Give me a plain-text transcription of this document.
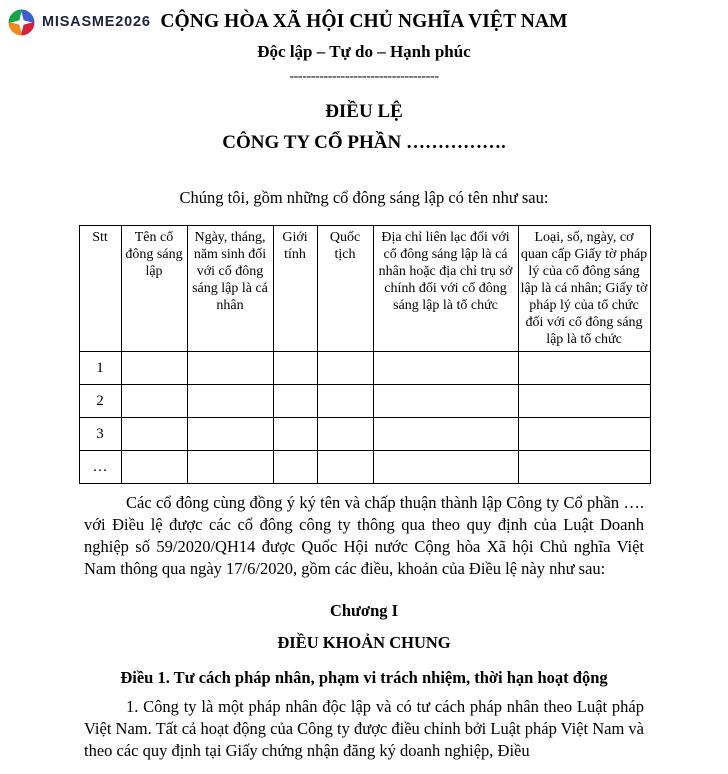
MISASME2026 CỘNG HÒA XÃ HỘI CHỦ NGHĨA VIỆT NAM
Độc lập – Tự do – Hạnh phúc
-----------------------------------
ĐIỀU LỆ
CÔNG TY CỔ PHẦN …………….
Chúng tôi, gồm những cổ đông sáng lập có tên như sau:
Stt	Tên cổ đông sáng lập	Ngày, tháng, năm sinh đối với cổ đông sáng lập là cá nhân	Giới tính	Quốc tịch	Địa chỉ liên lạc đối với cổ đông sáng lập là cá nhân hoặc địa chỉ trụ sở chính đối với cổ đông sáng lập là tổ chức	Loại, số, ngày, cơ quan cấp Giấy tờ pháp lý của cổ đông sáng lập là cá nhân; Giấy tờ pháp lý của tổ chức đối với cổ đông sáng lập là tổ chức
1						
2						
3						
…						

Các cổ đông cùng đồng ý ký tên và chấp thuận thành lập Công ty Cổ phần …. với Điều lệ được các cổ đông công ty thông qua theo quy định của Luật Doanh nghiệp số 59/2020/QH14 được Quốc Hội nước Cộng hòa Xã hội Chủ nghĩa Việt Nam thông qua ngày 17/6/2020, gồm các điều, khoản của Điều lệ này như sau:

Chương I
ĐIỀU KHOẢN CHUNG
Điều 1. Tư cách pháp nhân, phạm vi trách nhiệm, thời hạn hoạt động

1. Công ty là một pháp nhân độc lập và có tư cách pháp nhân theo Luật pháp Việt Nam. Tất cả hoạt động của Công ty được điều chỉnh bởi Luật pháp Việt Nam và theo các quy định tại Giấy chứng nhận đăng ký doanh nghiệp, Điều
